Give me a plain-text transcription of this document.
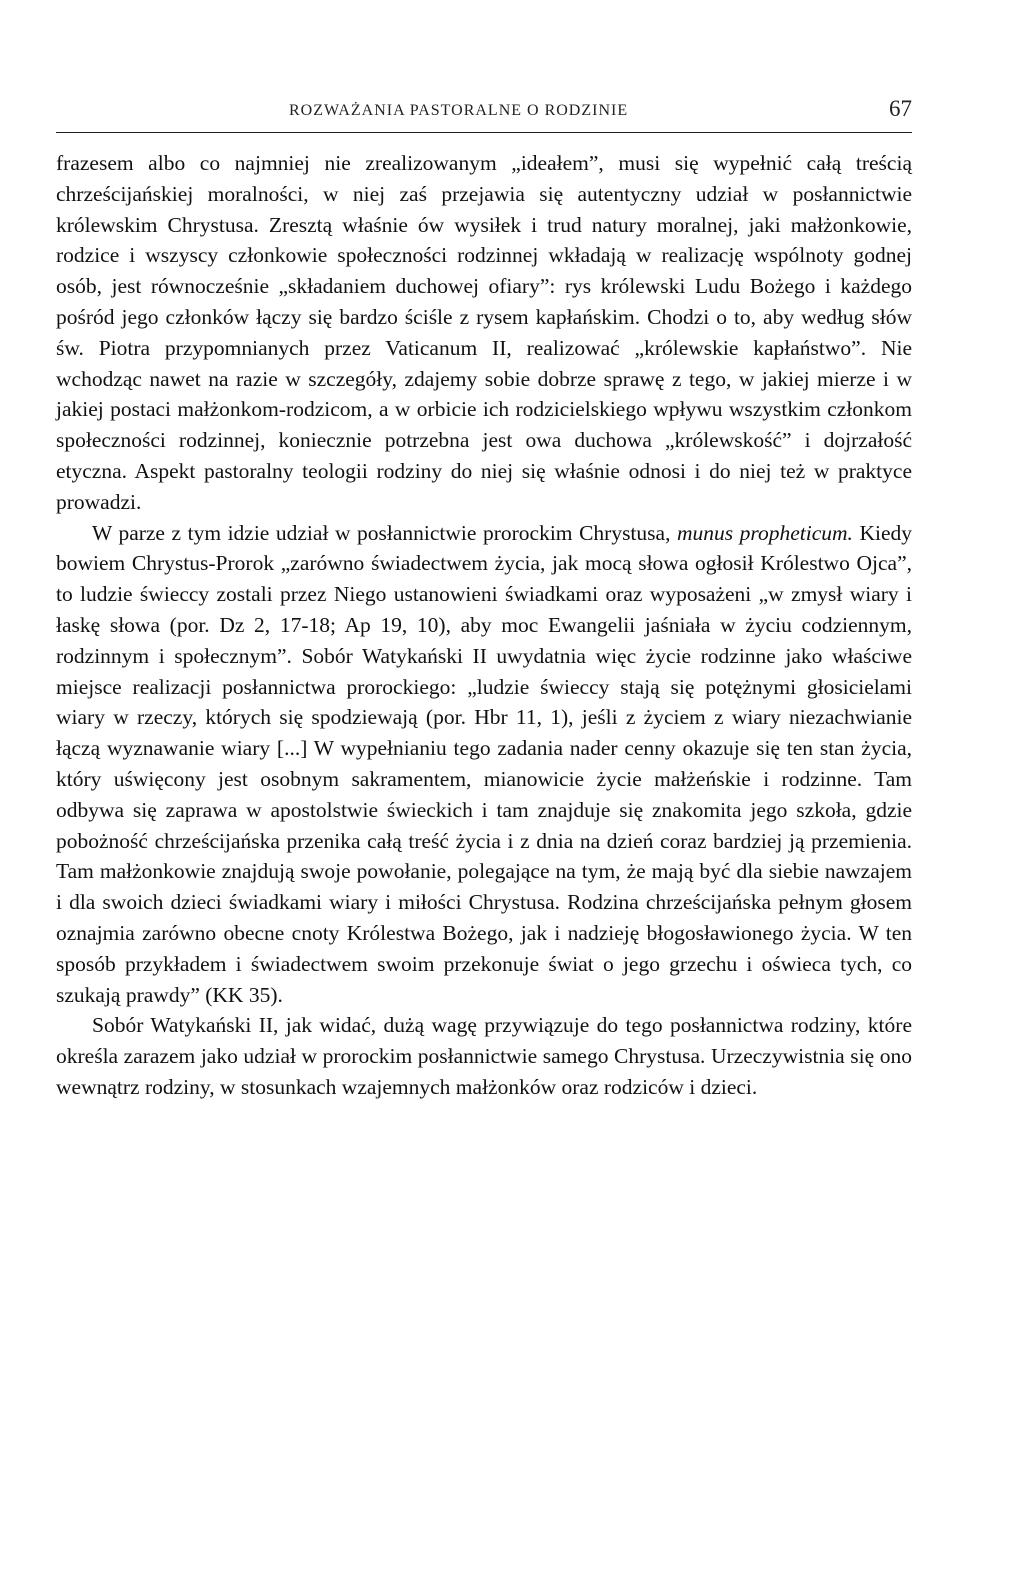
ROZWAŻANIA PASTORALNE O RODZINIE	67

frazesem albo co najmniej nie zrealizowanym „ideałem”, musi się wypełnić całą treścią chrześcijańskiej moralności, w niej zaś przejawia się autentyczny udział w posłannictwie królewskim Chrystusa. Zresztą właśnie ów wysiłek i trud natury moralnej, jaki małżonkowie, rodzice i wszyscy członkowie społeczności rodzinnej wkładają w realizację wspólnoty godnej osób, jest równocześnie „składaniem duchowej ofiary”: rys królewski Ludu Bożego i każdego pośród jego członków łączy się bardzo ściśle z rysem kapłańskim. Chodzi o to, aby według słów św. Piotra przypomnianych przez Vaticanum II, realizować „królewskie kapłaństwo”. Nie wchodząc nawet na razie w szczegóły, zdajemy sobie dobrze sprawę z tego, w jakiej mierze i w jakiej postaci małżonkom-rodzicom, a w orbicie ich rodzicielskiego wpływu wszystkim członkom społeczności rodzinnej, koniecznie potrzebna jest owa duchowa „królewskość” i dojrzałość etyczna. Aspekt pastoralny teologii rodziny do niej się właśnie odnosi i do niej też w praktyce prowadzi.

W parze z tym idzie udział w posłannictwie prorockim Chrystusa, munus propheticum. Kiedy bowiem Chrystus-Prorok „zarówno świadectwem życia, jak mocą słowa ogłosił Królestwo Ojca”, to ludzie świeccy zostali przez Niego ustanowieni świadkami oraz wyposażeni „w zmysł wiary i łaskę słowa (por. Dz 2, 17-18; Ap 19, 10), aby moc Ewangelii jaśniała w życiu codziennym, rodzinnym i społecznym”. Sobór Watykański II uwydatnia więc życie rodzinne jako właściwe miejsce realizacji posłannictwa prorockiego: „ludzie świeccy stają się potężnymi głosicielami wiary w rzeczy, których się spodziewają (por. Hbr 11, 1), jeśli z życiem z wiary niezachwianie łączą wyznawanie wiary [...] W wypełnianiu tego zadania nader cenny okazuje się ten stan życia, który uświęcony jest osobnym sakramentem, mianowicie życie małżeńskie i rodzinne. Tam odbywa się zaprawa w apostolstwie świeckich i tam znajduje się znakomita jego szkoła, gdzie pobożność chrześcijańska przenika całą treść życia i z dnia na dzień coraz bardziej ją przemienia. Tam małżonkowie znajdują swoje powołanie, polegające na tym, że mają być dla siebie nawzajem i dla swoich dzieci świadkami wiary i miłości Chrystusa. Rodzina chrześcijańska pełnym głosem oznajmia zarówno obecne cnoty Królestwa Bożego, jak i nadzieję błogosławionego życia. W ten sposób przykładem i świadectwem swoim przekonuje świat o jego grzechu i oświeca tych, co szukają prawdy” (KK 35).

Sobór Watykański II, jak widać, dużą wagę przywiązuje do tego posłannictwa rodziny, które określa zarazem jako udział w prorockim posłannictwie samego Chrystusa. Urzeczywistnia się ono wewnątrz rodziny, w stosunkach wzajemnych małżonków oraz rodziców i dzieci.
